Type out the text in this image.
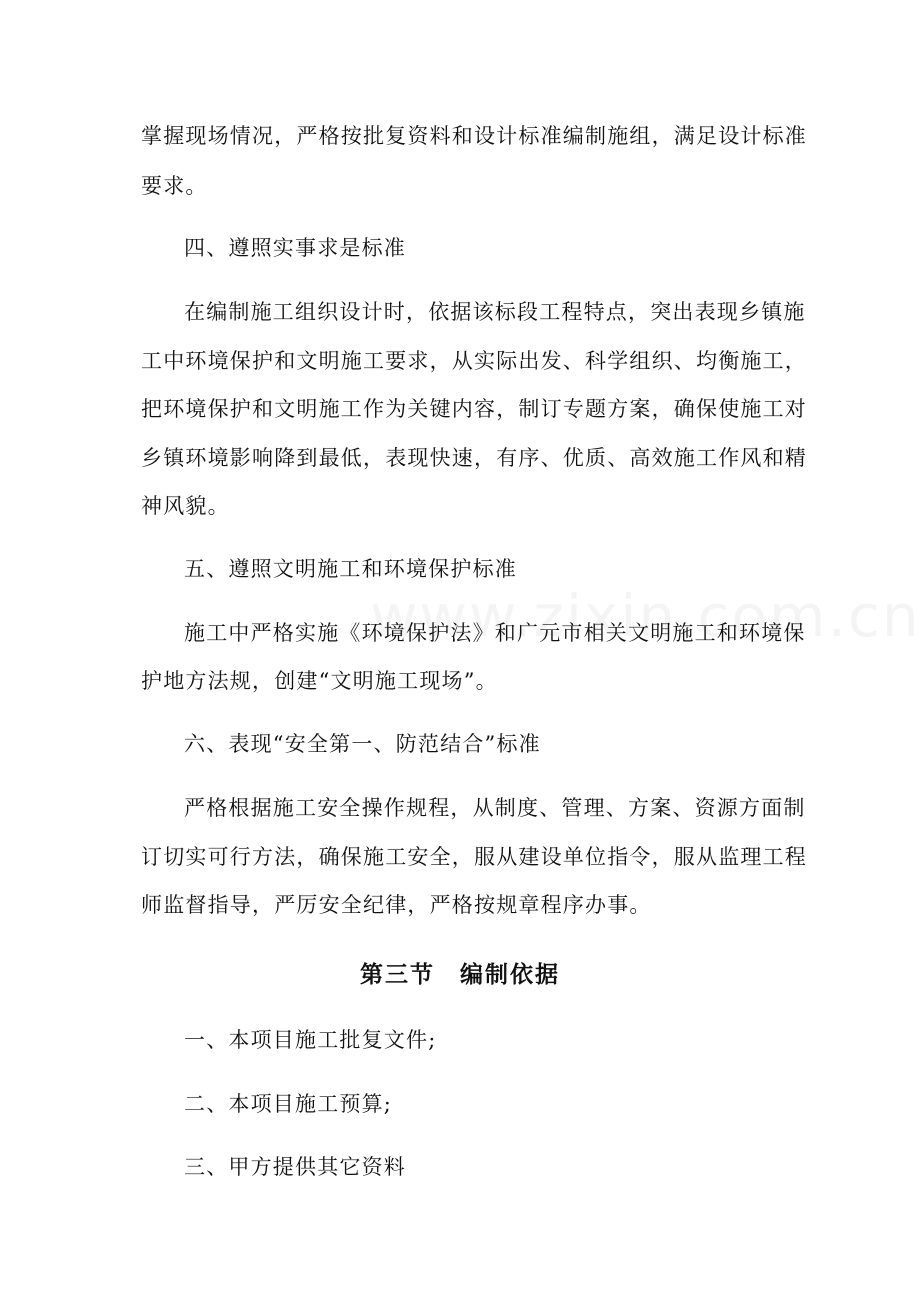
掌握现场情况，严格按批复资料和设计标准编制施组，满足设计标准
要求。
四、遵照实事求是标准
在编制施工组织设计时，依据该标段工程特点，突出表现乡镇施
工中环境保护和文明施工要求，从实际出发、科学组织、均衡施工，
把环境保护和文明施工作为关键内容，制订专题方案，确保使施工对
乡镇环境影响降到最低，表现快速，有序、优质、高效施工作风和精
神风貌。
五、遵照文明施工和环境保护标准
施工中严格实施《环境保护法》和广元市相关文明施工和环境保
护地方法规，创建“文明施工现场”。
六、表现“安全第一、防范结合”标准
严格根据施工安全操作规程，从制度、管理、方案、资源方面制
订切实可行方法，确保施工安全，服从建设单位指令，服从监理工程
师监督指导，严厉安全纪律，严格按规章程序办事。
第三节　编制依据
一、本项目施工批复文件;
二、本项目施工预算;
三、甲方提供其它资料
